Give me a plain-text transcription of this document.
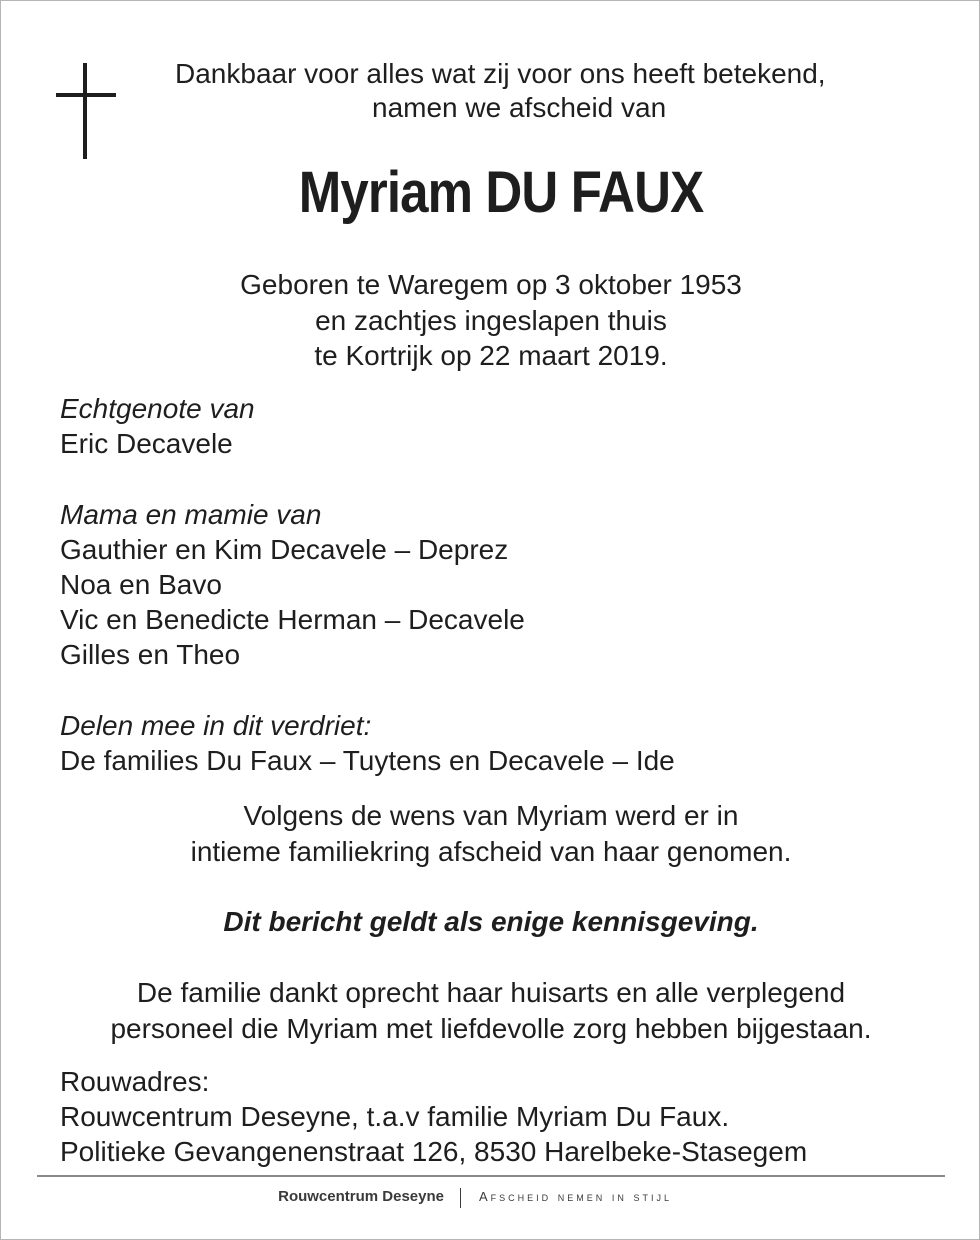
Dankbaar voor alles wat zij voor ons heeft betekend,
namen we afscheid van
Myriam DU FAUX
Geboren te Waregem op 3 oktober 1953
en zachtjes ingeslapen thuis
te Kortrijk op 22 maart 2019.
Echtgenote van
Eric Decavele
Mama en mamie van
Gauthier en Kim Decavele – Deprez
Noa en Bavo
Vic en Benedicte Herman – Decavele
Gilles en Theo
Delen mee in dit verdriet:
De families Du Faux – Tuytens en Decavele – Ide
Volgens de wens van Myriam werd er in
intieme familiekring afscheid van haar genomen.
Dit bericht geldt als enige kennisgeving.
De familie dankt oprecht haar huisarts en alle verplegend
personeel die Myriam met liefdevolle zorg hebben bijgestaan.
Rouwadres:
Rouwcentrum Deseyne, t.a.v familie Myriam Du Faux.
Politieke Gevangenenstraat 126, 8530 Harelbeke-Stasegem
Rouwcentrum Deseyne	Afscheid nemen in stijl
